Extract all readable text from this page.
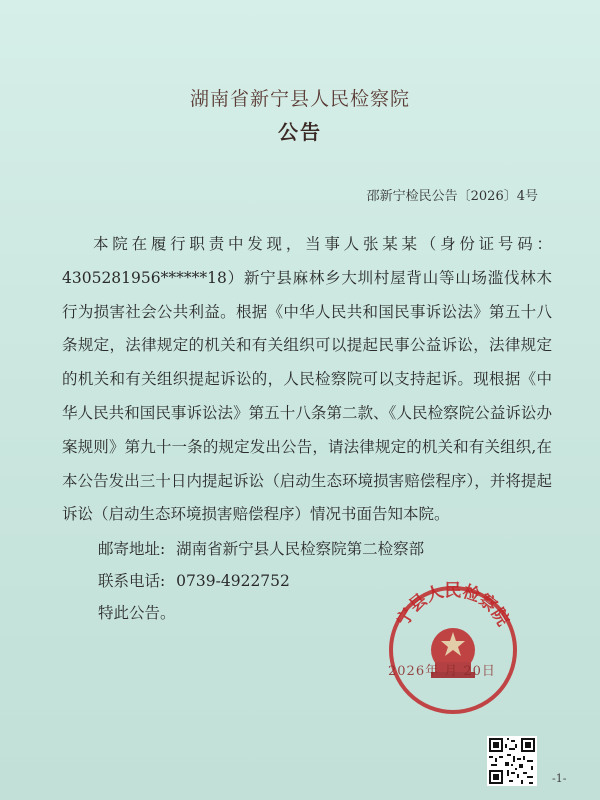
湖南省新宁县人民检察院
公告
邵新宁检民公告〔2026〕4号

本院在履行职责中发现，当事人张某某（身份证号码：4305281956******18）新宁县麻林乡大圳村屋背山等山场滥伐林木行为损害社会公共利益。根据《中华人民共和国民事诉讼法》第五十八条规定，法律规定的机关和有关组织可以提起民事公益诉讼，法律规定的机关和有关组织提起诉讼的，人民检察院可以支持起诉。现根据《中华人民共和国民事诉讼法》第五十八条第二款、《人民检察院公益诉讼办案规则》第九十一条的规定发出公告，请法律规定的机关和有关组织,在本公告发出三十日内提起诉讼（启动生态环境损害赔偿程序），并将提起诉讼（启动生态环境损害赔偿程序）情况书面告知本院。

邮寄地址: 湖南省新宁县人民检察院第二检察部
联系电话: 0739-4922752
特此公告。	宁县人民检察院
2026年 月 20日
-1-
